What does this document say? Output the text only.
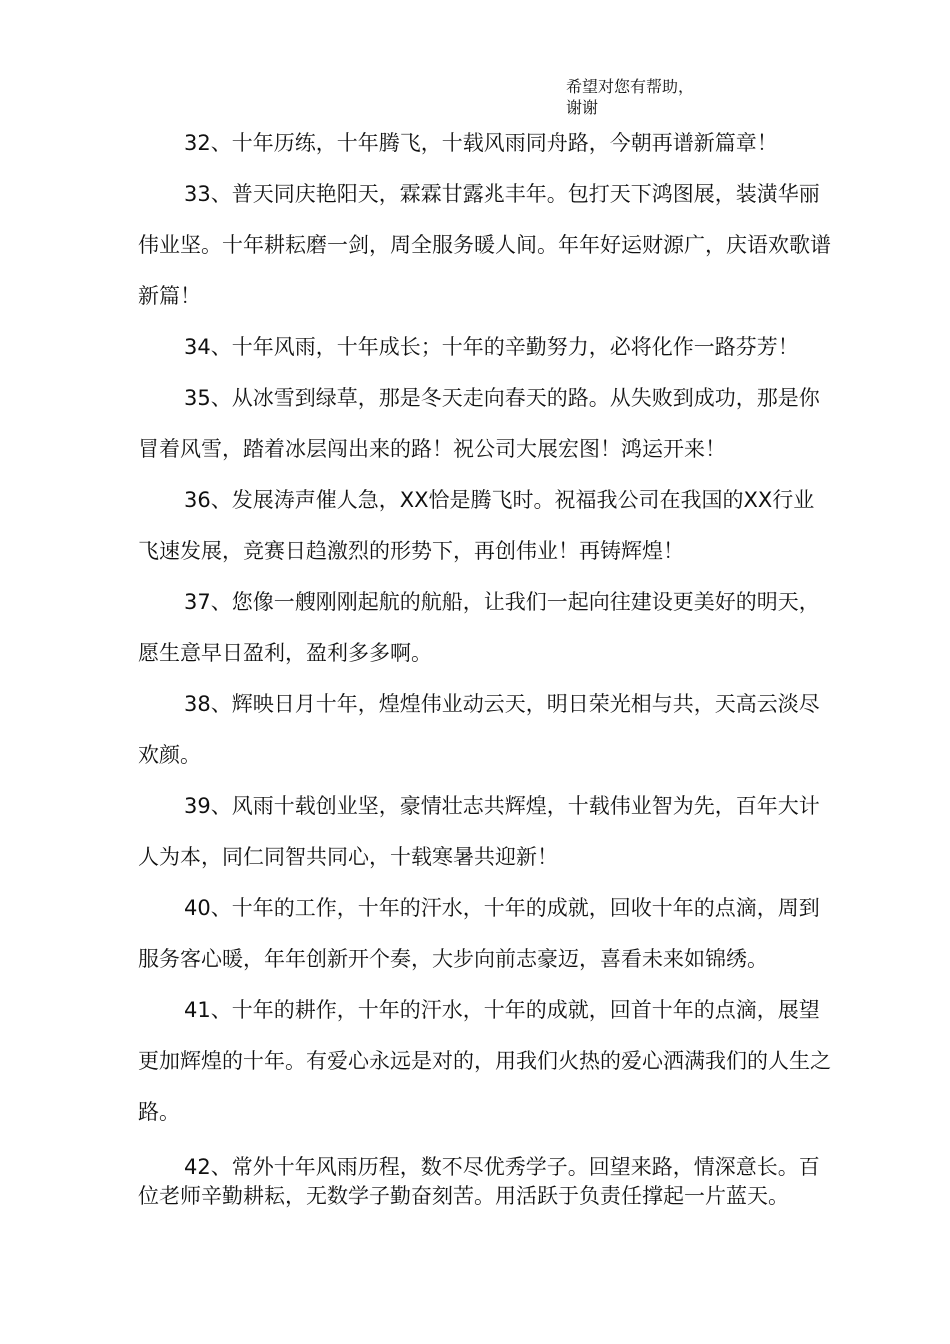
希望对您有帮助，
谢谢

32、十年历练，十年腾飞，十载风雨同舟路，今朝再谱新篇章！

33、普天同庆艳阳天，霖霖甘露兆丰年。包打天下鸿图展，装潢华丽伟业坚。十年耕耘磨一剑，周全服务暖人间。年年好运财源广，庆语欢歌谱新篇！

34、十年风雨，十年成长；十年的辛勤努力，必将化作一路芬芳！

35、从冰雪到绿草，那是冬天走向春天的路。从失败到成功，那是你冒着风雪，踏着冰层闯出来的路！祝公司大展宏图！鸿运开来！

36、发展涛声催人急，XX恰是腾飞时。祝福我公司在我国的XX行业飞速发展，竞赛日趋激烈的形势下，再创伟业！再铸辉煌！

37、您像一艘刚刚起航的航船，让我们一起向往建设更美好的明天，愿生意早日盈利，盈利多多啊。

38、辉映日月十年，煌煌伟业动云天，明日荣光相与共，天高云淡尽欢颜。

39、风雨十载创业坚，豪情壮志共辉煌，十载伟业智为先，百年大计人为本，同仁同智共同心，十载寒暑共迎新！

40、十年的工作，十年的汗水，十年的成就，回收十年的点滴，周到服务客心暖，年年创新开个奏，大步向前志豪迈，喜看未来如锦绣。

41、十年的耕作，十年的汗水，十年的成就，回首十年的点滴，展望更加辉煌的十年。有爱心永远是对的，用我们火热的爱心洒满我们的人生之路。

42、常外十年风雨历程，数不尽优秀学子。回望来路，情深意长。百位老师辛勤耕耘，无数学子勤奋刻苦。用活跃于负责任撑起一片蓝天。
